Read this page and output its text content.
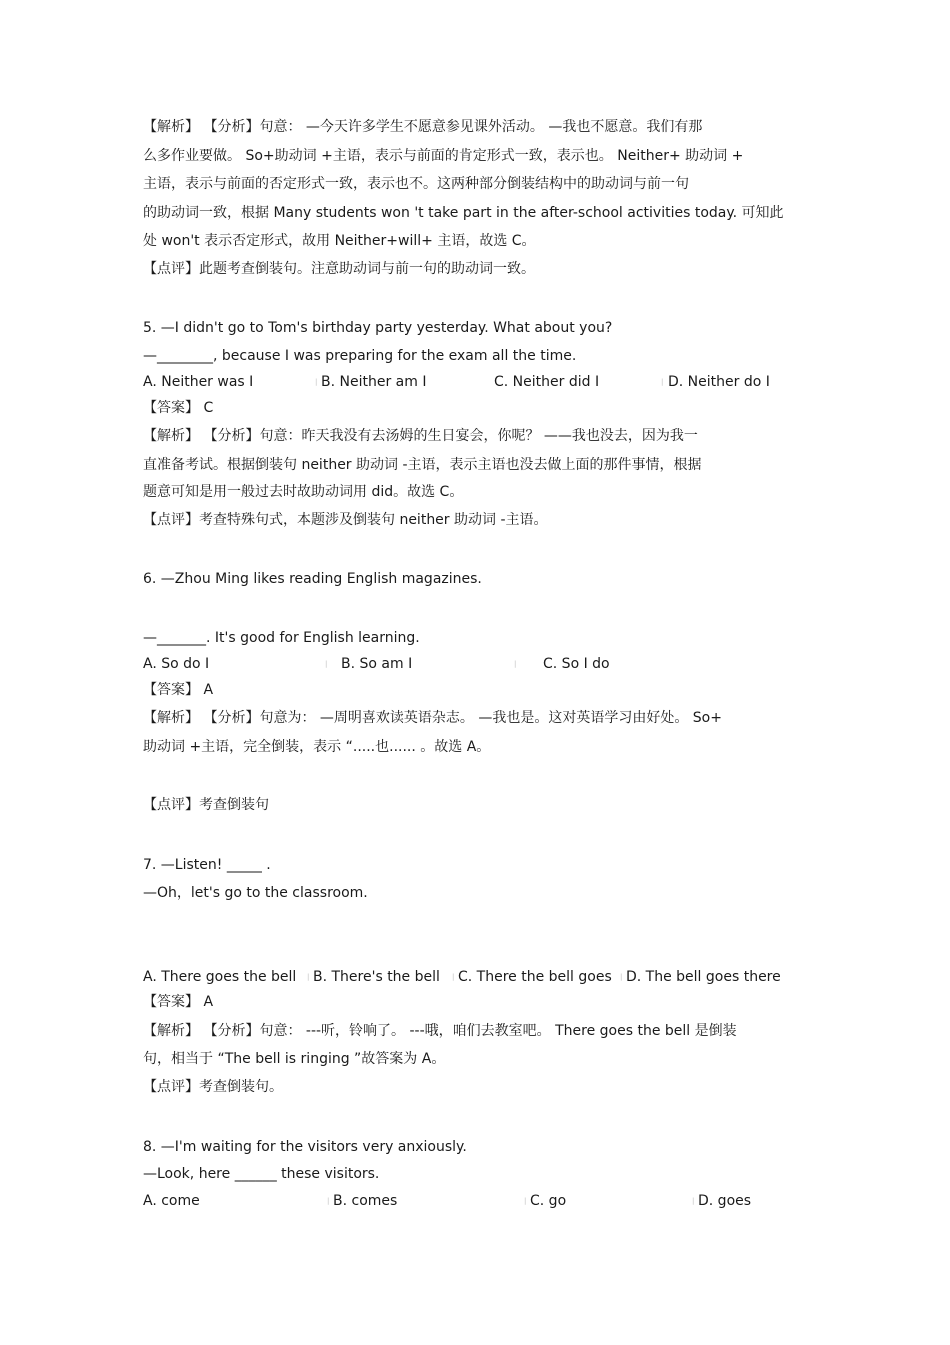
【解析】 【分析】句意： —今天许多学生不愿意参见课外活动。 —我也不愿意。我们有那
么多作业要做。 So+助动词 +主语，表示与前面的肯定形式一致，表示也。 Neither+ 助动词 +
主语，表示与前面的否定形式一致，表示也不。这两种部分倒装结构中的助动词与前一句
的助动词一致，根据 Many students won 't take part in the after-school activities today. 可知此
处 won't 表示否定形式，故用 Neither+will+ 主语，故选 C。
【点评】此题考查倒装句。注意助动词与前一句的助动词一致。
5. —I didn't go to Tom's birthday party yesterday. What about you?
—________, because I was preparing for the exam all the time.
A. Neither was I	| B. Neither am I	C. Neither did I	| D. Neither do I
【答案】 C
【解析】 【分析】句意：昨天我没有去汤姆的生日宴会，你呢？ ——我也没去，因为我一
直准备考试。根据倒装句 neither 助动词 -主语，表示主语也没去做上面的那件事情，根据
题意可知是用一般过去时故助动词用 did。故选 C。
【点评】考查特殊句式，本题涉及倒装句 neither 助动词 -主语。
6. —Zhou Ming likes reading English magazines.
—_______. It's good for English learning.
A. So do I	| B. So am I	| C. So I do
【答案】 A
【解析】 【分析】句意为： —周明喜欢读英语杂志。 —我也是。这对英语学习由好处。 So+
助动词 +主语，完全倒装，表示 “.....也...... 。故选 A。
【点评】考查倒装句
7. —Listen! _____ .
—Oh，let's go to the classroom.
A. There goes the bell | B. There's the bell | C. There the bell goes | D. The bell goes there
【答案】 A
【解析】 【分析】句意： ---听，铃响了。 ---哦，咱们去教室吧。 There goes the bell 是倒装
句，相当于 “The bell is ringing ”故答案为 A。
【点评】考查倒装句。
8. —I'm waiting for the visitors very anxiously.
—Look, here ______ these visitors.
A. come	| B. comes	| C. go	| D. goes
